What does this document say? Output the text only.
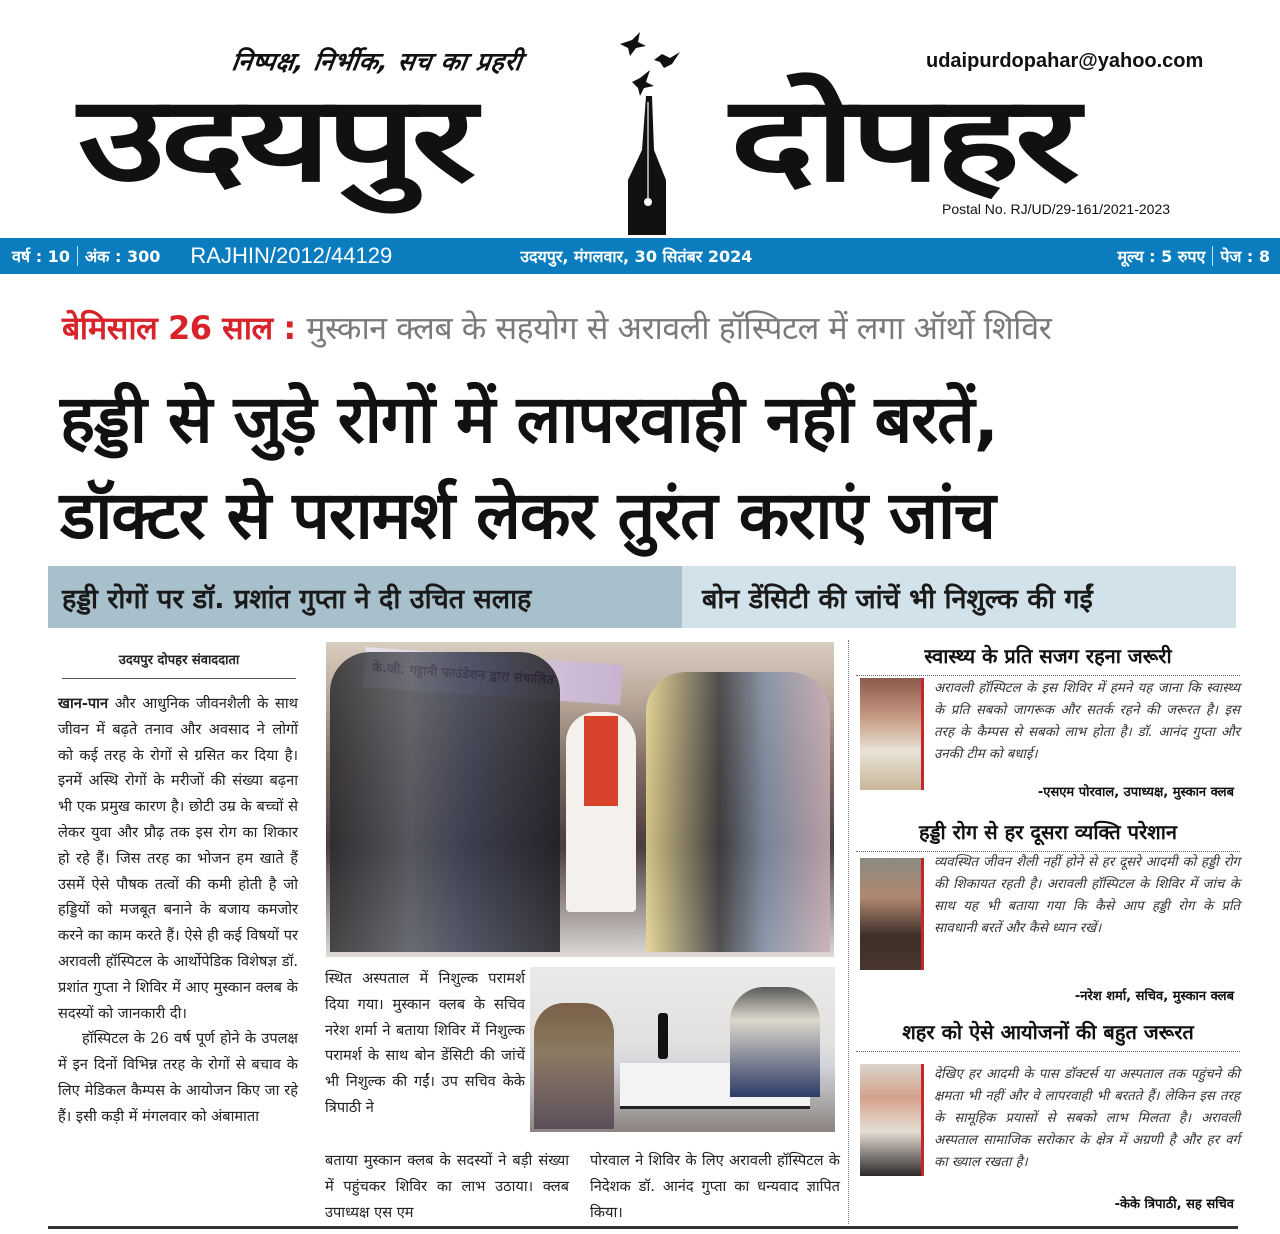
निष्पक्ष, निर्भीक, सच का प्रहरी	udaipurdopahar@yahoo.com
उदयपुर दोपहर
Postal No. RJ/UD/29-161/2021-2023
वर्ष : 10 अंक : 300 RAJHIN/2012/44129	उदयपुर, मंगलवार, 30 सितंबर 2024	मूल्य : 5 रुपए पेज : 8
बेमिसाल 26 साल : मुस्कान क्लब के सहयोग से अरावली हॉस्पिटल में लगा ऑर्थो शिविर
हड्डी से जुड़े रोगों में लापरवाही नहीं बरतें,
डॉक्टर से परामर्श लेकर तुरंत कराएं जांच
हड्डी रोगों पर डॉ. प्रशांत गुप्ता ने दी उचित सलाह	बोन डेंसिटी की जांचें भी निशुल्क की गईं
उदयपुर दोपहर संवाददाता
खान-पान और आधुनिक जीवनशैली के साथ जीवन में बढ़ते तनाव और अवसाद ने लोगों को कई तरह के रोगों से ग्रसित कर दिया है। इनमें अस्थि रोगों के मरीजों की संख्या बढ़ना भी एक प्रमुख कारण है। छोटी उम्र के बच्चों से लेकर युवा और प्रौढ़ तक इस रोग का शिकार हो रहे हैं। जिस तरह का भोजन हम खाते हैं उसमें ऐसे पौषक तत्वों की कमी होती है जो हड्डियों को मजबूत बनाने के बजाय कमजोर करने का काम करते हैं। ऐसे ही कई विषयों पर अरावली हॉस्पिटल के आर्थोपेडिक विशेषज्ञ डॉ. प्रशांत गुप्ता ने शिविर में आए मुस्कान क्लब के सदस्यों को जानकारी दी।
हॉस्पिटल के 26 वर्ष पूर्ण होने के उपलक्ष में इन दिनों विभिन्न तरह के रोगों से बचाव के लिए मेडिकल कैम्पस के आयोजन किए जा रहे हैं। इसी कड़ी में मंगलवार को अंबामाता
स्थित अस्पताल में निशुल्क परामर्श दिया गया। मुस्कान क्लब के सचिव नरेश शर्मा ने बताया शिविर में निशुल्क परामर्श के साथ बोन डेंसिटी की जांचें भी निशुल्क की गईं। उप सचिव केके त्रिपाठी ने
बताया मुस्कान क्लब के सदस्यों ने बड़ी संख्या में पहुंचकर शिविर का लाभ उठाया। क्लब उपाध्यक्ष एस एम
पोरवाल ने शिविर के लिए अरावली हॉस्पिटल के निदेशक डॉ. आनंद गुप्ता का धन्यवाद ज्ञापित किया।
स्वास्थ्य के प्रति सजग रहना जरूरी
अरावली हॉस्पिटल के इस शिविर में हमने यह जाना कि स्वास्थ्य के प्रति सबको जागरूक और सतर्क रहने की जरूरत है। इस तरह के कैम्पस से सबको लाभ होता है। डॉ. आनंद गुप्ता और उनकी टीम को बधाई।
-एसएम पोरवाल, उपाध्यक्ष, मुस्कान क्लब
हड्डी रोग से हर दूसरा व्यक्ति परेशान
व्यवस्थित जीवन शैली नहीं होने से हर दूसरे आदमी को हड्डी रोग की शिकायत रहती है। अरावली हॉस्पिटल के शिविर में जांच के साथ यह भी बताया गया कि कैसे आप हड्डी रोग के प्रति सावधानी बरतें और कैसे ध्यान रखें।
-नरेश शर्मा, सचिव, मुस्कान क्लब
शहर को ऐसे आयोजनों की बहुत जरूरत
देखिए हर आदमी के पास डॉक्टर्स या अस्पताल तक पहुंचने की क्षमता भी नहीं और वे लापरवाही भी बरतते हैं। लेकिन इस तरह के सामूहिक प्रयासों से सबको लाभ मिलता है। अरावली अस्पताल सामाजिक सरोकार के क्षेत्र में अग्रणी है और हर वर्ग का ख्याल रखता है।
-केके त्रिपाठी, सह सचिव
